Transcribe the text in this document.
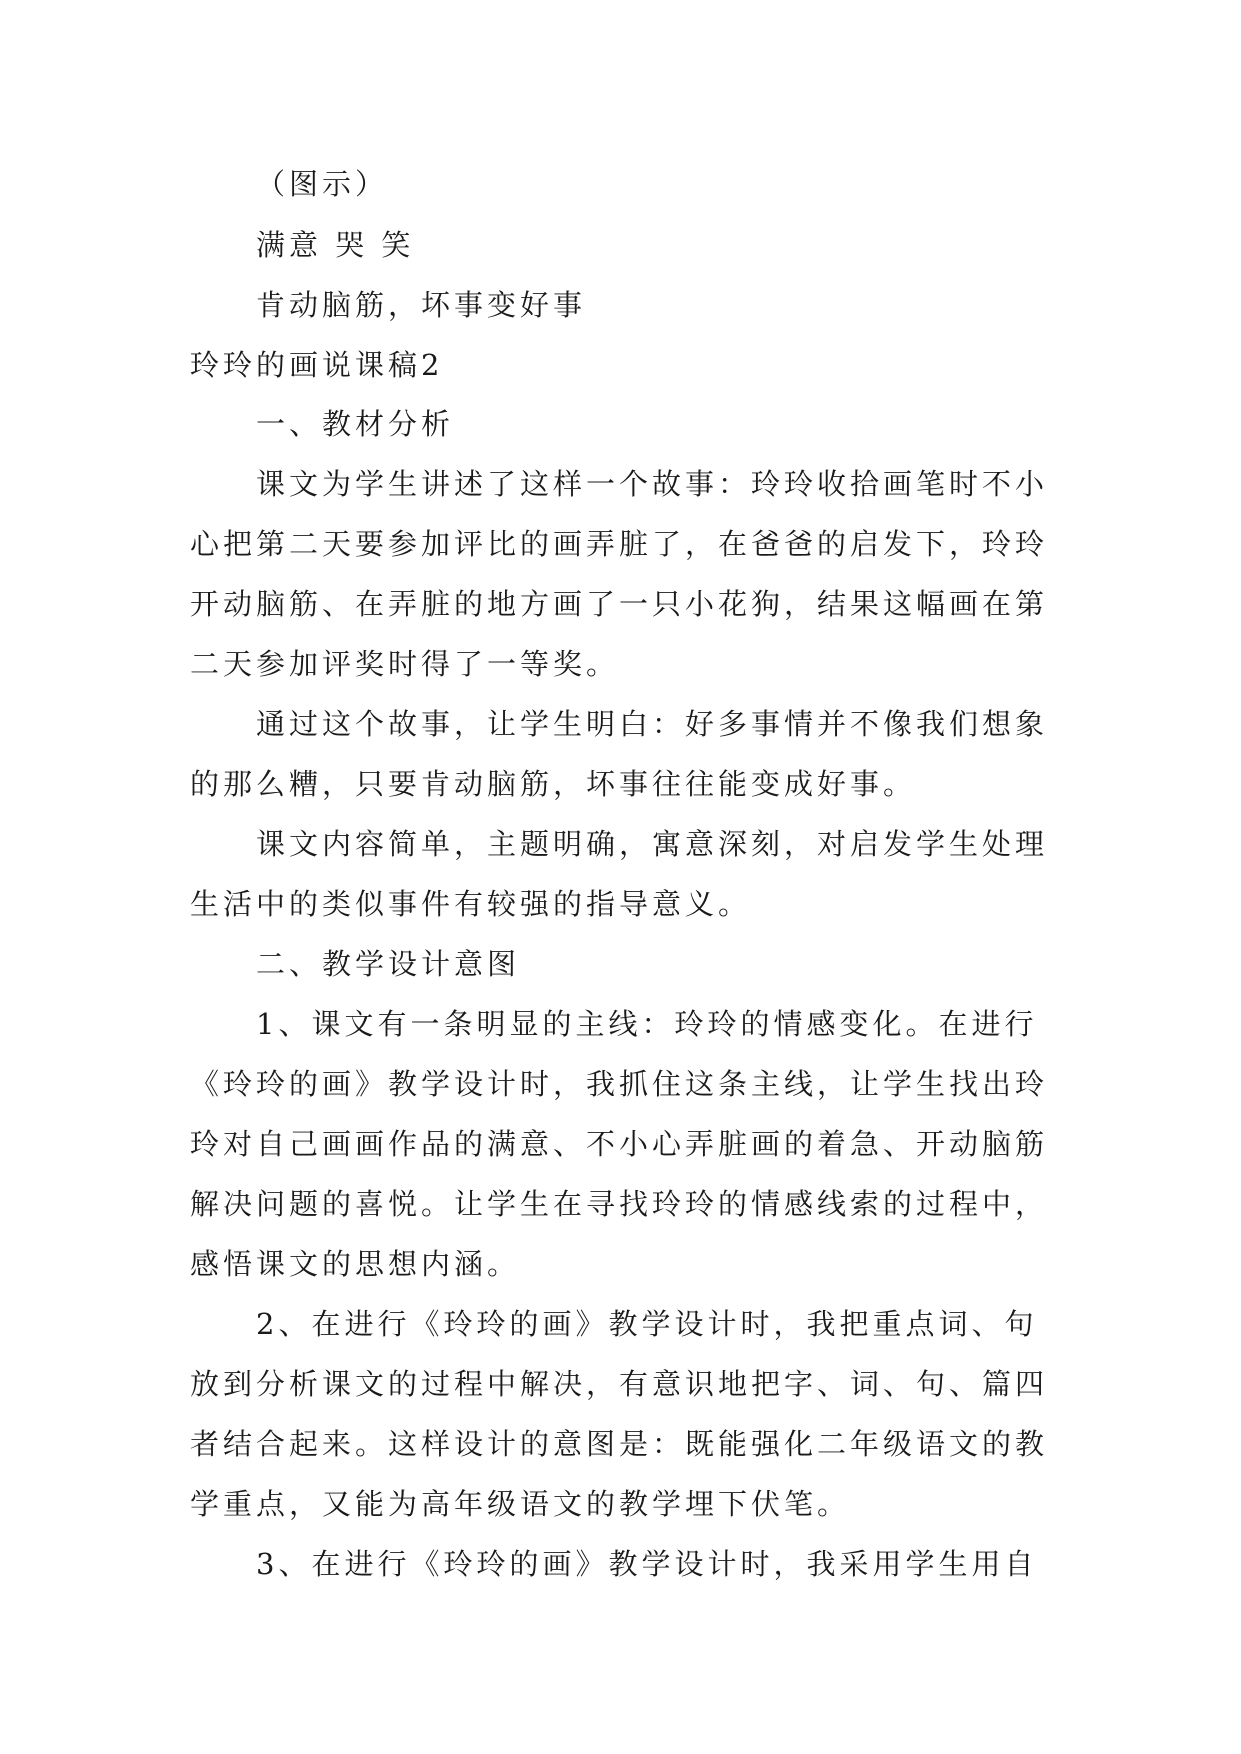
（图示）
满意 哭 笑
肯动脑筋，坏事变好事
玲玲的画说课稿2
一、教材分析
课文为学生讲述了这样一个故事：玲玲收拾画笔时不小
心把第二天要参加评比的画弄脏了，在爸爸的启发下，玲玲
开动脑筋、在弄脏的地方画了一只小花狗，结果这幅画在第
二天参加评奖时得了一等奖。
通过这个故事，让学生明白：好多事情并不像我们想象
的那么糟，只要肯动脑筋，坏事往往能变成好事。
课文内容简单，主题明确，寓意深刻，对启发学生处理
生活中的类似事件有较强的指导意义。
二、教学设计意图
1、课文有一条明显的主线：玲玲的情感变化。在进行
《玲玲的画》教学设计时，我抓住这条主线，让学生找出玲
玲对自己画画作品的满意、不小心弄脏画的着急、开动脑筋
解决问题的喜悦。让学生在寻找玲玲的情感线索的过程中，
感悟课文的思想内涵。
2、在进行《玲玲的画》教学设计时，我把重点词、句
放到分析课文的过程中解决，有意识地把字、词、句、篇四
者结合起来。这样设计的意图是：既能强化二年级语文的教
学重点，又能为高年级语文的教学埋下伏笔。
3、在进行《玲玲的画》教学设计时，我采用学生用自
